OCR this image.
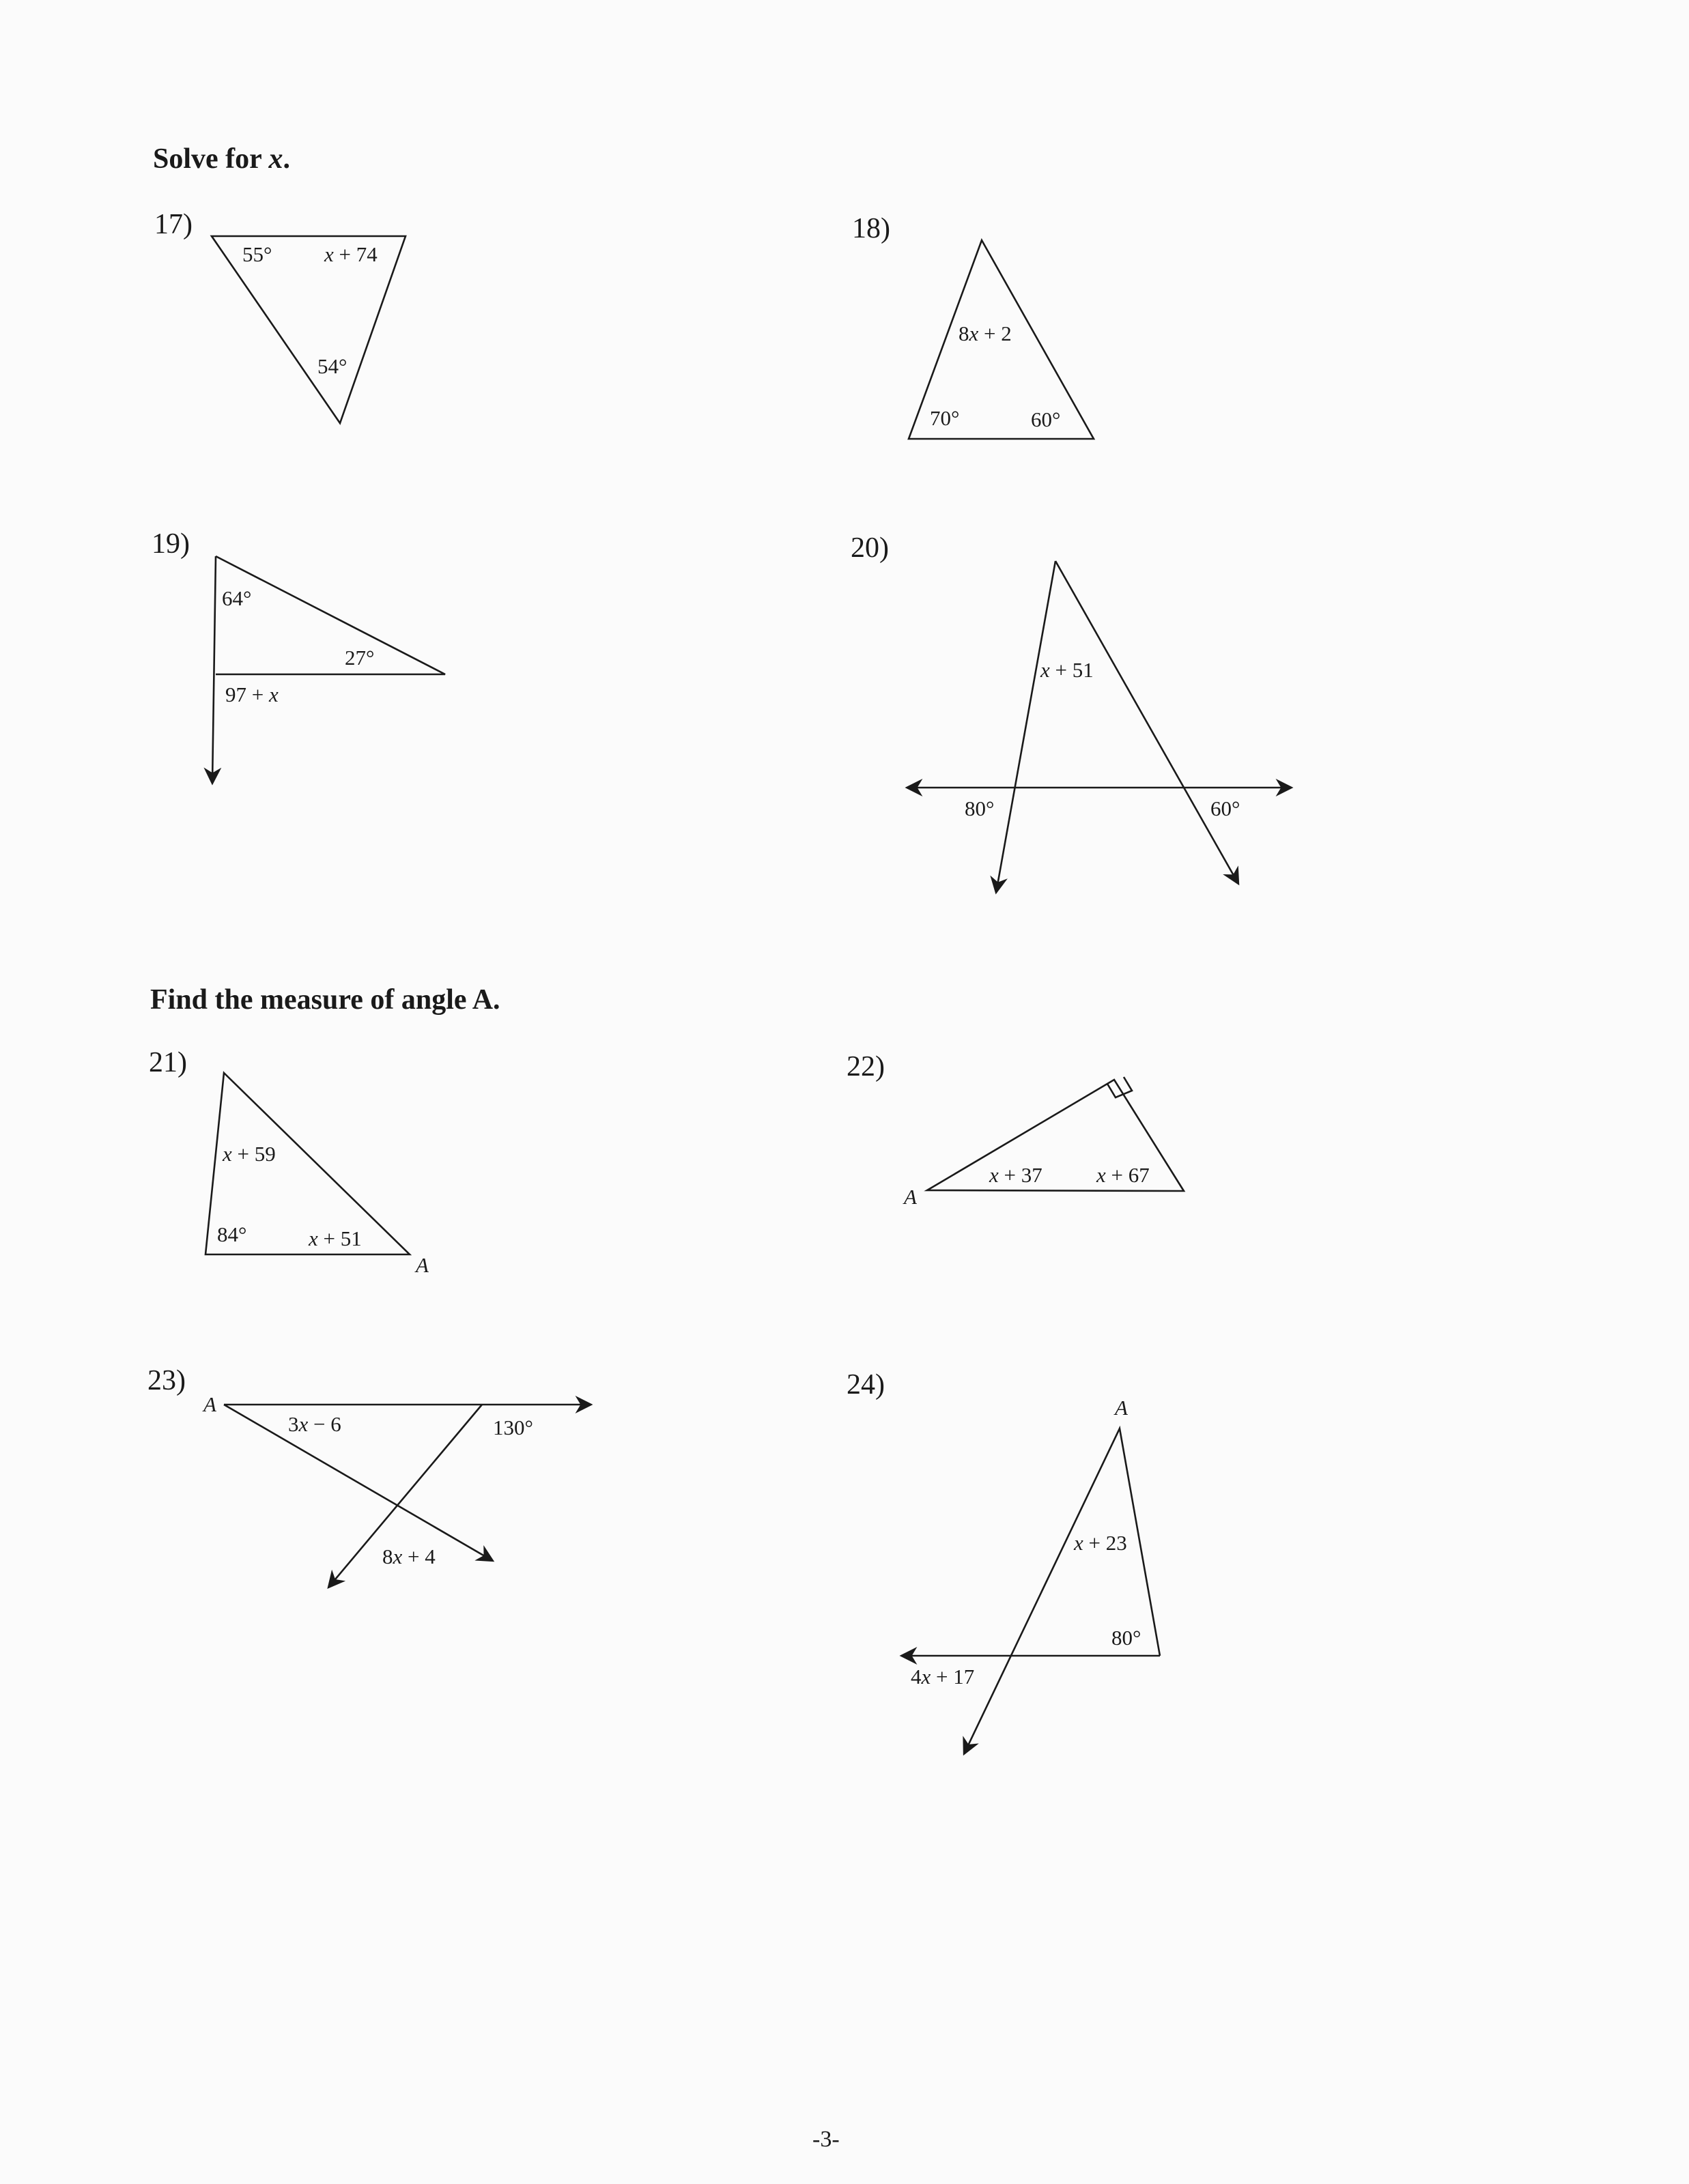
Solve for x.
Find the measure of angle A.
17)	18)
19)	20)
21)	22)
23)	24)
-3-
55° x + 74
54°
8x + 2
70°	60°
64°
27°
97 + x
x + 51
80°	60°
x + 59
84°	x + 51
A
A
x + 37	x + 67
A
3x − 6	130°
8x + 4
A
x + 23
80°
4x + 17
